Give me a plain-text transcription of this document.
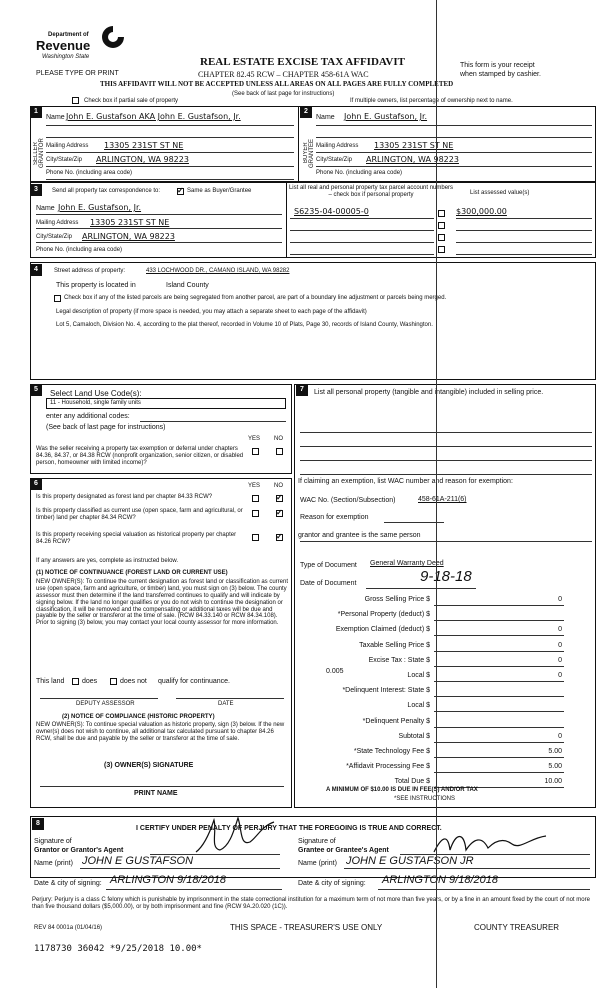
Department of
Revenue
Washington State
PLEASE TYPE OR PRINT
REAL ESTATE EXCISE TAX AFFIDAVIT
CHAPTER 82.45 RCW – CHAPTER 458-61A WAC
THIS AFFIDAVIT WILL NOT BE ACCEPTED UNLESS ALL AREAS ON ALL PAGES ARE FULLY COMPLETED
(See back of last page for instructions)
This form is your receipt
when stamped by cashier.
Check box if partial sale of property	If multiple owners, list percentage of ownership next to name.
1	2
SELLER GRANTOR	BUYER GRANTEE
Name John E. Gustafson AKA John E. Gustafson, Jr.
Mailing Address 13305 231ST ST NE
City/State/Zip ARLINGTON, WA 98223
Phone No. (including area code)
Name John E. Gustafson, Jr.
Mailing Address 13305 231ST ST NE
City/State/Zip ARLINGTON, WA 98223
Phone No. (including area code)
3	Send all property tax correspondence to: ✓	Same as Buyer/Grantee
Name John E. Gustafson, Jr.
Mailing Address 13305 231ST ST NE
City/State/Zip ARLINGTON, WA 98223
Phone No. (including area code)
List all real and personal property tax parcel account numbers – check box if personal property	List assessed value(s)
S6235-04-00005-0	$300,000.00
4	Street address of property:	433 LOCHWOOD DR., CAMANO ISLAND, WA 98282
This property is located in	Island County
Check box if any of the listed parcels are being segregated from another parcel, are part of a boundary line adjustment or parcels being merged.
Legal description of property (if more space is needed, you may attach a separate sheet to each page of the affidavit)
Lot 5, Camaloch, Division No. 4, according to the plat thereof, recorded in Volume 10 of Plats, Page 30, records of Island County, Washington.
5	Select Land Use Code(s):
11 - Household, single family units
enter any additional codes:
(See back of last page for instructions)
YES NO
Was the seller receiving a property tax exemption or deferral under chapters 84.36, 84.37, or 84.38 RCW (nonprofit organization, senior citizen, or disabled person, homeowner with limited income)?
6	YES NO
Is this property designated as forest land per chapter 84.33 RCW?
✓
Is this property classified as current use (open space, farm and agricultural, or timber) land per chapter 84.34 RCW?
✓
Is this property receiving special valuation as historical property per chapter 84.26 RCW?
✓
If any answers are yes, complete as instructed below.
(1) NOTICE OF CONTINUANCE (FOREST LAND OR CURRENT USE)
NEW OWNER(S): To continue the current designation as forest land or classification as current use (open space, farm and agriculture, or timber) land, you must sign on (3) below. The county assessor must then determine if the land transferred continues to qualify and will indicate by signing below. If the land no longer qualifies or you do not wish to continue the designation or classification, it will be removed and the compensating or additional taxes will be due and payable by the seller or transferor at the time of sale. (RCW 84.33.140 or RCW 84.34.108). Prior to signing (3) below, you may contact your local county assessor for more information.
This land	does	does not qualify for continuance.
DEPUTY ASSESSOR	DATE
(2) NOTICE OF COMPLIANCE (HISTORIC PROPERTY)
NEW OWNER(S): To continue special valuation as historic property, sign (3) below. If the new owner(s) does not wish to continue, all additional tax calculated pursuant to chapter 84.26 RCW, shall be due and payable by the seller or transferor at the time of sale.
(3) OWNER(S) SIGNATURE
PRINT NAME
7	List all personal property (tangible and intangible) included in selling price.
If claiming an exemption, list WAC number and reason for exemption:
WAC No. (Section/Subsection)	458-61A-211(6)
Reason for exemption
grantor and grantee is the same person
Type of Document General Warranty Deed
Date of Document	9-18-18
Gross Selling Price $	0
*Personal Property (deduct) $
Exemption Claimed (deduct) $	0
Taxable Selling Price $	0
Excise Tax : State $	0
Local $	0
*Delinquent Interest: State $
Local $
*Delinquent Penalty $
Subtotal $	0
*State Technology Fee $	5.00
*Affidavit Processing Fee $	5.00
Total Due $	10.00
0.005
A MINIMUM OF $10.00 IS DUE IN FEE(S) AND/OR TAX
*SEE INSTRUCTIONS
8
I CERTIFY UNDER PENALTY OF PERJURY THAT THE FOREGOING IS TRUE AND CORRECT.
Signature of
Grantor or Grantor's Agent
Name (print) JOHN E GUSTAFSON
Signature of
Grantee or Grantee's Agent
Name (print) JOHN E GUSTAFSON JR
Date & city of signing: ARLINGTON 9/18/2018	Date & city of signing: ARLINGTON 9/18/2018
Perjury: Perjury is a class C felony which is punishable by imprisonment in the state correctional institution for a maximum term of not more than five years, or by a fine in an amount fixed by the court of not more than five thousand dollars ($5,000.00), or by both imprisonment and fine (RCW 9A.20.020 (1C)).
REV 84 0001a (01/04/16)	THIS SPACE - TREASURER'S USE ONLY	COUNTY TREASURER
1178730 36042 *9/25/2018 10.00*
